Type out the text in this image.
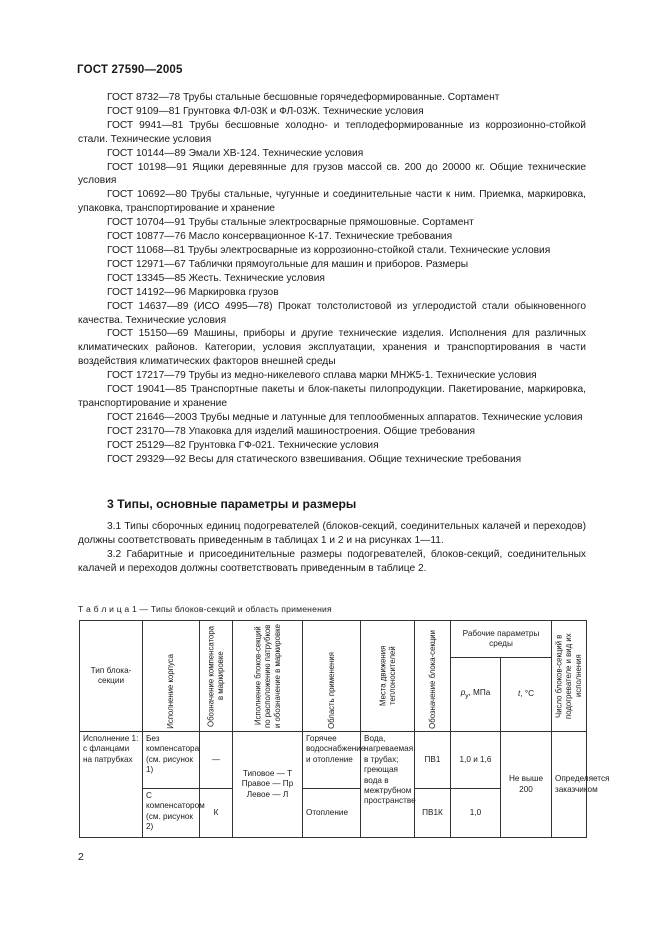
ГОСТ 27590—2005

ГОСТ 8732—78 Трубы стальные бесшовные горячедеформированные. Сортамент

ГОСТ 9109—81 Грунтовка ФЛ-03К и ФЛ-03Ж. Технические условия

ГОСТ 9941—81 Трубы бесшовные холодно- и теплодеформированные из коррозионно-стойкой стали. Технические условия

ГОСТ 10144—89 Эмали ХВ-124. Технические условия

ГОСТ 10198—91 Ящики деревянные для грузов массой св. 200 до 20000 кг. Общие технические условия

ГОСТ 10692—80 Трубы стальные, чугунные и соединительные части к ним. Приемка, маркировка, упаковка, транспортирование и хранение

ГОСТ 10704—91 Трубы стальные электросварные прямошовные. Сортамент

ГОСТ 10877—76 Масло консервационное К-17. Технические требования

ГОСТ 11068—81 Трубы электросварные из коррозионно-стойкой стали. Технические условия

ГОСТ 12971—67 Таблички прямоугольные для машин и приборов. Размеры

ГОСТ 13345—85 Жесть. Технические условия

ГОСТ 14192—96 Маркировка грузов

ГОСТ 14637—89 (ИСО 4995—78) Прокат толстолистовой из углеродистой стали обыкновенного качества. Технические условия

ГОСТ 15150—69 Машины, приборы и другие технические изделия. Исполнения для различных климатических районов. Категории, условия эксплуатации, хранения и транспортирования в части воздействия климатических факторов внешней среды

ГОСТ 17217—79 Трубы из медно-никелевого сплава марки МНЖ5-1. Технические условия

ГОСТ 19041—85 Транспортные пакеты и блок-пакеты пилопродукции. Пакетирование, маркировка, транспортирование и хранение

ГОСТ 21646—2003 Трубы медные и латунные для теплообменных аппаратов. Технические условия

ГОСТ 23170—78 Упаковка для изделий машиностроения. Общие требования

ГОСТ 25129—82 Грунтовка ГФ-021. Технические условия

ГОСТ 29329—92 Весы для статического взвешивания. Общие технические требования

3 Типы, основные параметры и размеры

3.1 Типы сборочных единиц подогревателей (блоков-секций, соединительных калачей и переходов) должны соответствовать приведенным в таблицах 1 и 2 и на рисунках 1—11.

3.2 Габаритные и присоединительные размеры подогревателей, блоков-секций, соединительных калачей и переходов должны соответствовать приведенным в таблице 2.

Т а б л и ц а 1 — Типы блоков-секций и область применения
Тип блока-секции	Исполнение корпуса	Обозначение компенсатора в маркировке	Исполнение блоков-секций по расположению патрубков и обозначение в маркировке	Область применения	Места движения теплоносителей	Обозначение блока-секции	Рабочие параметры среды		Число блоков-секций в подогревателе и вид их исполнения

							$p_у$, МПа	t, °С	
Исполнение 1: с фланцами на патрубках	Без компенсатора (см. рисунок 1)	—	Типовое — Т Правое — Пр Левое — Л	Горячее водоснабжение и отопление	Вода, нагреваемая в трубах; греющая вода в межтрубном пространстве	ПВ1	1,0 и 1,6	Не выше 200	Определяется заказчиком
	С компенсатором (см. рисунок 2)	К		Отопление		ПВ1К	1,0		
2
